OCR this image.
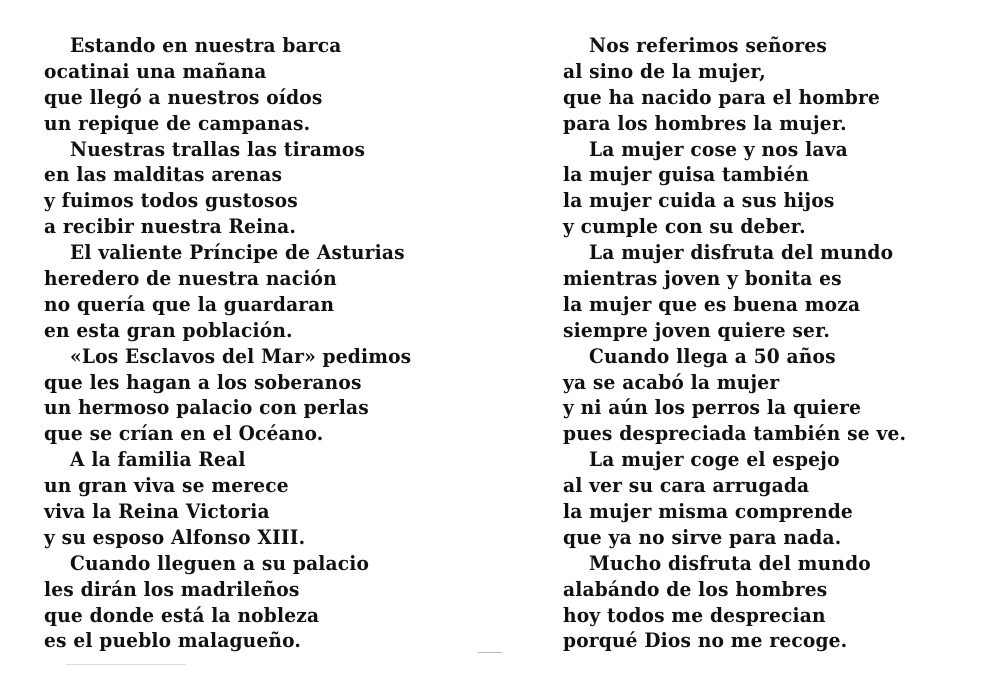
Estando en nuestra barca
ocatinai una mañana
que llegó a nuestros oídos
un repique de campanas.
Nuestras trallas las tiramos
en las malditas arenas
y fuimos todos gustosos
a recibir nuestra Reina.
El valiente Príncipe de Asturias
heredero de nuestra nación
no quería que la guardaran
en esta gran población.
«Los Esclavos del Mar» pedimos
que les hagan a los soberanos
un hermoso palacio con perlas
que se crían en el Océano.
A la familia Real
un gran viva se merece
viva la Reina Victoria
y su esposo Alfonso XIII.
Cuando lleguen a su palacio
les dirán los madrileños
que donde está la nobleza
es el pueblo malagueño.
Nos referimos señores
al sino de la mujer,
que ha nacido para el hombre
para los hombres la mujer.
La mujer cose y nos lava
la mujer guisa también
la mujer cuida a sus hijos
y cumple con su deber.
La mujer disfruta del mundo
mientras joven y bonita es
la mujer que es buena moza
siempre joven quiere ser.
Cuando llega a 50 años
ya se acabó la mujer
y ni aún los perros la quiere
pues despreciada también se ve.
La mujer coge el espejo
al ver su cara arrugada
la mujer misma comprende
que ya no sirve para nada.
Mucho disfruta del mundo
alabándo de los hombres
hoy todos me desprecian
porqué Dios no me recoge.
